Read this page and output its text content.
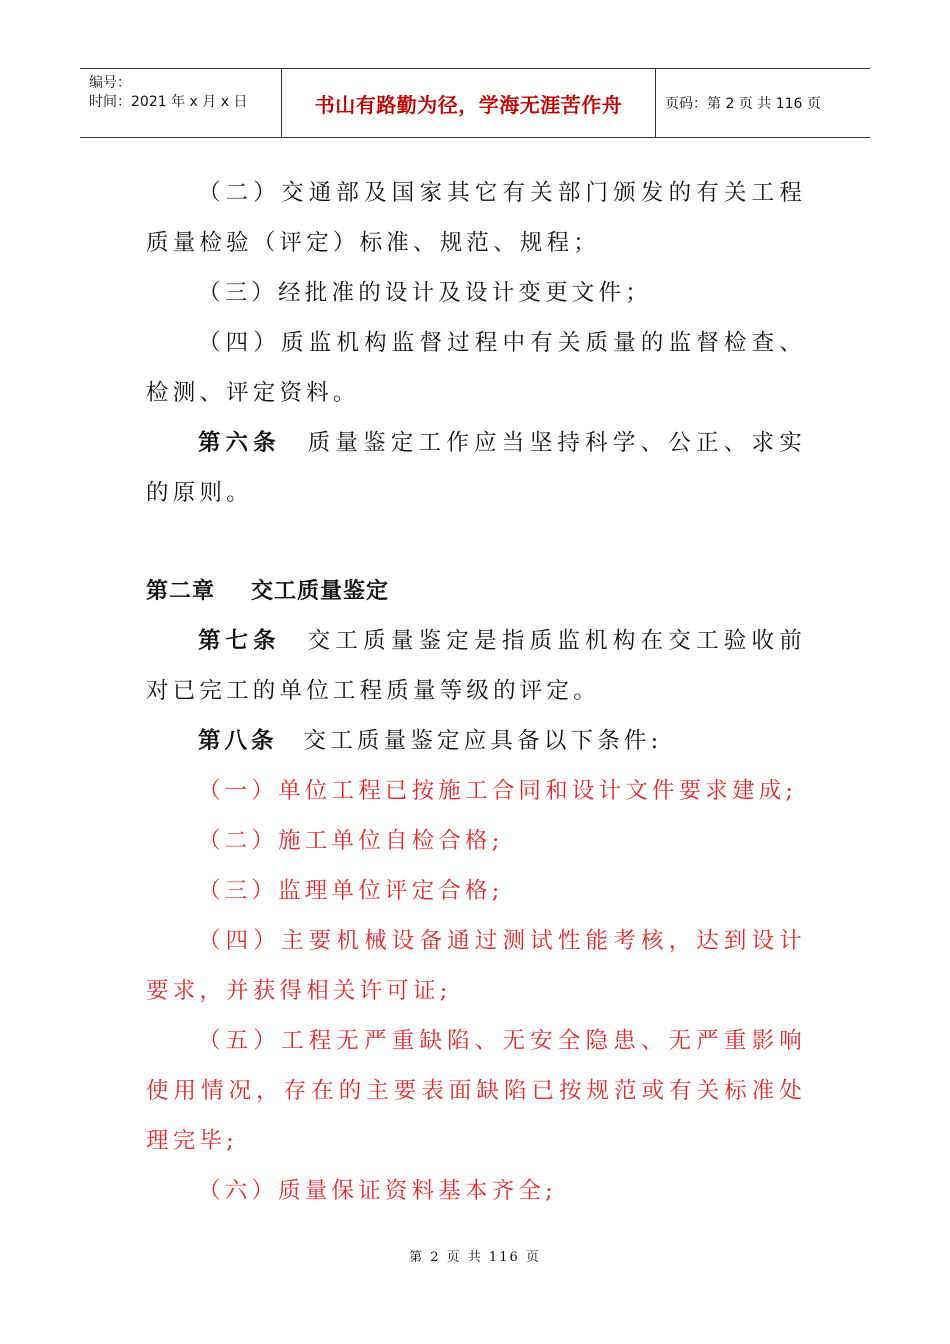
编号：
时间：2021 年 x 月 x 日	书山有路勤为径，学海无涯苦作舟	页码：第 2 页 共 116 页

（二）交通部及国家其它有关部门颁发的有关工程质量检验（评定）标准、规范、规程；

（三）经批准的设计及设计变更文件；

（四）质监机构监督过程中有关质量的监督检查、检测、评定资料。

第六条 质量鉴定工作应当坚持科学、公正、求实的原则。

第二章 交工质量鉴定

第七条 交工质量鉴定是指质监机构在交工验收前对已完工的单位工程质量等级的评定。

第八条 交工质量鉴定应具备以下条件:

（一）单位工程已按施工合同和设计文件要求建成;

（二）施工单位自检合格;

（三）监理单位评定合格;

（四）主要机械设备通过测试性能考核，达到设计要求，并获得相关许可证;

（五）工程无严重缺陷、无安全隐患、无严重影响使用情况，存在的主要表面缺陷已按规范或有关标准处理完毕;

（六）质量保证资料基本齐全;

第 2 页 共 116 页
